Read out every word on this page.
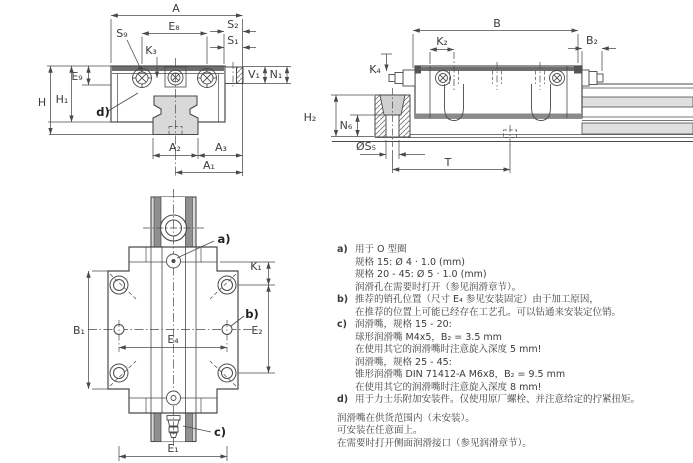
A
E₈	S₂
S₁
S₉
K₃
E₉
H H₁
V₁ N₁
A₂	A₃
A₁
d)
B
K₂	B₂
K₄
H₂
N₆
ØS₅
T
B₁
K₁
E₂
E₄
E₁
a)
b)
c)
a) 用于 O 型圈
规格 15: Ø 4 · 1.0 (mm)
规格 20 - 45: Ø 5 · 1.0 (mm)
润滑孔在需要时打开（参见润滑章节）。
b) 推荐的销孔位置（尺寸 E₄ 参见安装固定）由于加工原因，
在推荐的位置上可能已经存在工艺孔。可以钻通来安装定位销。
c) 润滑嘴，规格 15 - 20:
球形润滑嘴 M4x5，B₂ = 3.5 mm
在使用其它的润滑嘴时注意旋入深度 5 mm!
润滑嘴，规格 25 - 45:
锥形润滑嘴 DIN 71412-A M6x8，B₂ = 9.5 mm
在使用其它的润滑嘴时注意旋入深度 8 mm!
d) 用于力士乐附加安装件。仅使用原厂螺栓、并注意给定的拧紧扭矩。
润滑嘴在供货范围内（未安装）。
可安装在任意面上。
在需要时打开侧面润滑接口（参见润滑章节）。
